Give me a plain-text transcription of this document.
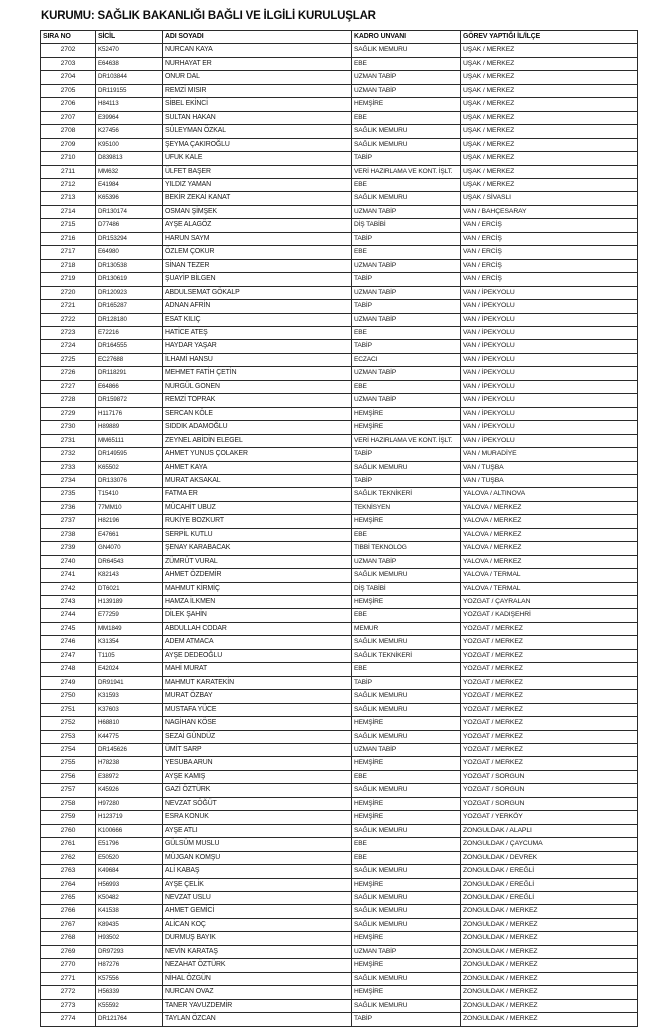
KURUMU: SAĞLIK BAKANLIĞI BAĞLI VE İLGİLİ KURULUŞLAR
SIRA NO	SİCİL	ADI SOYADI	KADRO UNVANI	GÖREV YAPTIĞI İL/İLÇE
2702	K52470	NURCAN KAYA	SAĞLIK MEMURU	UŞAK / MERKEZ
2703	E64638	NURHAYAT ER	EBE	UŞAK / MERKEZ
2704	DR103844	ONUR DAL	UZMAN TABİP	UŞAK / MERKEZ
2705	DR119155	REMZİ MISIR	UZMAN TABİP	UŞAK / MERKEZ
2706	H84113	SİBEL EKİNCİ	HEMŞİRE	UŞAK / MERKEZ
2707	E39964	SULTAN HAKAN	EBE	UŞAK / MERKEZ
2708	K27456	SÜLEYMAN ÖZKAL	SAĞLIK MEMURU	UŞAK / MERKEZ
2709	K95100	ŞEYMA ÇAKIROĞLU	SAĞLIK MEMURU	UŞAK / MERKEZ
2710	D839813	UFUK KALE	TABİP	UŞAK / MERKEZ
2711	MM632	ÜLFET BAŞER	VERİ HAZIRLAMA VE KONT. İŞLT.	UŞAK / MERKEZ
2712	E41984	YILDIZ YAMAN	EBE	UŞAK / MERKEZ
2713	K65396	BEKİR ZEKAİ KANAT	SAĞLIK MEMURU	UŞAK / SİVASLI
2714	DR130174	OSMAN ŞİMŞEK	UZMAN TABİP	VAN / BAHÇESARAY
2715	D77486	AYŞE ALAGÖZ	DİŞ TABİBİ	VAN / ERCİŞ
2716	DR153294	HARUN SAYM	TABİP	VAN / ERCİŞ
2717	E64980	ÖZLEM ÇOKUR	EBE	VAN / ERCİŞ
2718	DR130538	SİNAN TEZER	UZMAN TABİP	VAN / ERCİŞ
2719	DR130619	ŞUAYİP BİLGEN	TABİP	VAN / ERCİŞ
2720	DR120923	ABDULSEMAT GÖKALP	UZMAN TABİP	VAN / İPEKYOLU
2721	DR165287	ADNAN AFRİN	TABİP	VAN / İPEKYOLU
2722	DR128180	ESAT KILIÇ	UZMAN TABİP	VAN / İPEKYOLU
2723	E72216	HATİCE ATEŞ	EBE	VAN / İPEKYOLU
2724	DR164555	HAYDAR YAŞAR	TABİP	VAN / İPEKYOLU
2725	EC27688	İLHAMİ HANSU	ECZACI	VAN / İPEKYOLU
2726	DR118291	MEHMET FATİH ÇETİN	UZMAN TABİP	VAN / İPEKYOLU
2727	E64866	NURGÜL GONEN	EBE	VAN / İPEKYOLU
2728	DR159872	REMZİ TOPRAK	UZMAN TABİP	VAN / İPEKYOLU
2729	H117176	SERCAN KÖLE	HEMŞİRE	VAN / İPEKYOLU
2730	H89889	SIDDIK ADAMOĞLU	HEMŞİRE	VAN / İPEKYOLU
2731	MM65111	ZEYNEL ABİDİN ELEGEL	VERİ HAZIRLAMA VE KONT. İŞLT.	VAN / İPEKYOLU
2732	DR149595	AHMET YUNUS ÇOLAKER	TABİP	VAN / MURADİYE
2733	K65502	AHMET KAYA	SAĞLIK MEMURU	VAN / TUŞBA
2734	DR133076	MURAT AKSAKAL	TABİP	VAN / TUŞBA
2735	T15410	FATMA ER	SAĞLIK TEKNİKERİ	YALOVA / ALTINOVA
2736	77MM10	MÜCAHİT UBUZ	TEKNİSYEN	YALOVA / MERKEZ
2737	H82196	RUKİYE BOZKURT	HEMŞİRE	YALOVA / MERKEZ
2738	E47661	SERPİL KUTLU	EBE	YALOVA / MERKEZ
2739	GN4070	ŞENAY KARABACAK	TIBBİ TEKNOLOG	YALOVA / MERKEZ
2740	DR64543	ZÜMRÜT VURAL	UZMAN TABİP	YALOVA / MERKEZ
2741	K82143	AHMET ÖZDEMİR	SAĞLIK MEMURU	YALOVA / TERMAL
2742	DT6021	MAHMUT KİRMİÇ	DİŞ TABİBİ	YALOVA / TERMAL
2743	H139189	HAMZA İLKMEN	HEMŞİRE	YOZGAT / ÇAYRALAN
2744	E77259	DİLEK ŞAHİN	EBE	YOZGAT / KADIŞEHRİ
2745	MM1849	ABDULLAH CODAR	MEMUR	YOZGAT / MERKEZ
2746	K31354	ADEM ATMACA	SAĞLIK MEMURU	YOZGAT / MERKEZ
2747	T1105	AYŞE DEDEOĞLU	SAĞLIK TEKNİKERİ	YOZGAT / MERKEZ
2748	E42024	MAHİ MURAT	EBE	YOZGAT / MERKEZ
2749	DR91941	MAHMUT KARATEKİN	TABİP	YOZGAT / MERKEZ
2750	K31593	MURAT ÖZBAY	SAĞLIK MEMURU	YOZGAT / MERKEZ
2751	K37603	MUSTAFA YÜCE	SAĞLIK MEMURU	YOZGAT / MERKEZ
2752	H68810	NAGİHAN KÖSE	HEMŞİRE	YOZGAT / MERKEZ
2753	K44775	SEZAİ GÜNDÜZ	SAĞLIK MEMURU	YOZGAT / MERKEZ
2754	DR145626	ÜMİT SARP	UZMAN TABİP	YOZGAT / MERKEZ
2755	H78238	YESUBA ARUN	HEMŞİRE	YOZGAT / MERKEZ
2756	E38972	AYŞE KAMIŞ	EBE	YOZGAT / SORGUN
2757	K45926	GAZİ ÖZTÜRK	SAĞLIK MEMURU	YOZGAT / SORGUN
2758	H97280	NEVZAT SÖĞÜT	HEMŞİRE	YOZGAT / SORGUN
2759	H123719	ESRA KONUK	HEMŞİRE	YOZGAT / YERKÖY
2760	K100666	AYŞE ATLI	SAĞLIK MEMURU	ZONGULDAK / ALAPLI
2761	E51796	GÜLSÜM MUSLU	EBE	ZONGULDAK / ÇAYCUMA
2762	E50520	MÜJGAN KOMŞU	EBE	ZONGULDAK / DEVREK
2763	K49684	ALİ KABAŞ	SAĞLIK MEMURU	ZONGULDAK / EREĞLİ
2764	H56993	AYŞE ÇELİK	HEMŞİRE	ZONGULDAK / EREĞLİ
2765	K50482	NEVZAT USLU	SAĞLIK MEMURU	ZONGULDAK / EREĞLİ
2766	K41538	AHMET GEMİCİ	SAĞLIK MEMURU	ZONGULDAK / MERKEZ
2767	K89435	ALİCAN KOÇ	SAĞLIK MEMURU	ZONGULDAK / MERKEZ
2768	H93502	DURMUŞ BAYIK	HEMŞİRE	ZONGULDAK / MERKEZ
2769	DR97293	NEVİN KARATAŞ	UZMAN TABİP	ZONGULDAK / MERKEZ
2770	H87276	NEZAHAT ÖZTÜRK	HEMŞİRE	ZONGULDAK / MERKEZ
2771	K57556	NİHAL ÖZGÜN	SAĞLIK MEMURU	ZONGULDAK / MERKEZ
2772	H56339	NURCAN OVAZ	HEMŞİRE	ZONGULDAK / MERKEZ
2773	K55592	TANER YAVUZDEMİR	SAĞLIK MEMURU	ZONGULDAK / MERKEZ
2774	DR121764	TAYLAN ÖZCAN	TABİP	ZONGULDAK / MERKEZ
